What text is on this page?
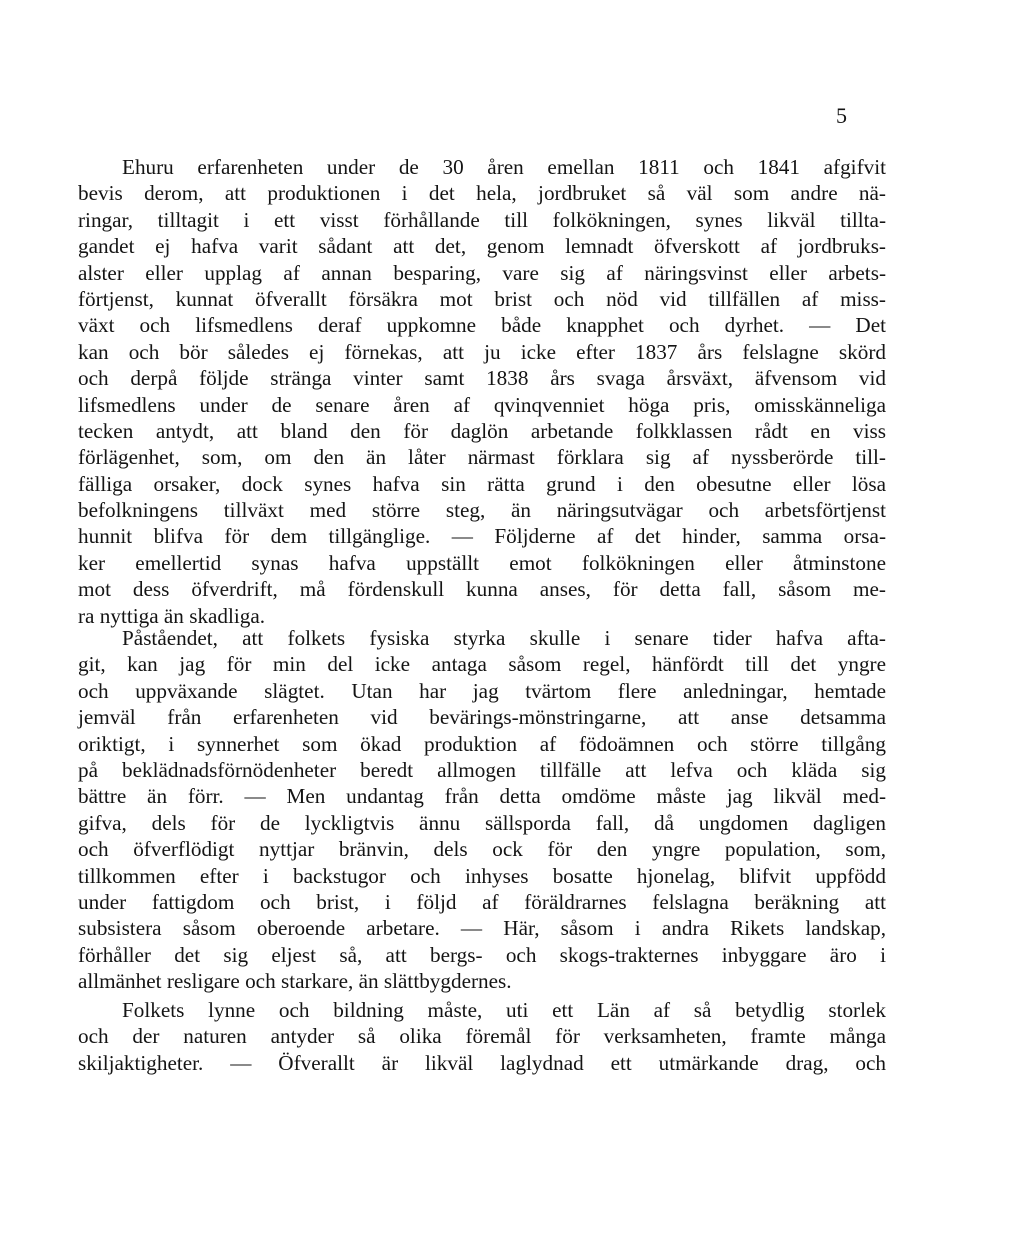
5
Ehuru erfarenheten under de 30 åren emellan 1811 och 1841 afgifvit
bevis derom, att produktionen i det hela, jordbruket så väl som andre nä-
ringar, tilltagit i ett visst förhållande till folkökningen, synes likväl tillta-
gandet ej hafva varit sådant att det, genom lemnadt öfverskott af jordbruks-
alster eller upplag af annan besparing, vare sig af näringsvinst eller arbets-
förtjenst, kunnat öfverallt försäkra mot brist och nöd vid tillfällen af miss-
växt och lifsmedlens deraf uppkomne både knapphet och dyrhet. — Det
kan och bör således ej förnekas, att ju icke efter 1837 års felslagne skörd
och derpå följde stränga vinter samt 1838 års svaga årsväxt, äfvensom vid
lifsmedlens under de senare åren af qvinqvenniet höga pris, omisskänneliga
tecken antydt, att bland den för daglön arbetande folkklassen rådt en viss
förlägenhet, som, om den än låter närmast förklara sig af nyssberörde till-
fälliga orsaker, dock synes hafva sin rätta grund i den obesutne eller lösa
befolkningens tillväxt med större steg, än näringsutvägar och arbetsförtjenst
hunnit blifva för dem tillgänglige. — Följderne af det hinder, samma orsa-
ker emellertid synas hafva uppställt emot folkökningen eller åtminstone
mot dess öfverdrift, må fördenskull kunna anses, för detta fall, såsom me-
ra nyttiga än skadliga.
Påståendet, att folkets fysiska styrka skulle i senare tider hafva afta-
git, kan jag för min del icke antaga såsom regel, hänfördt till det yngre
och uppväxande slägtet. Utan har jag tvärtom flere anledningar, hemtade
jemväl från erfarenheten vid bevärings-mönstringarne, att anse detsamma
oriktigt, i synnerhet som ökad produktion af födoämnen och större tillgång
på beklädnadsförnödenheter beredt allmogen tillfälle att lefva och kläda sig
bättre än förr. — Men undantag från detta omdöme måste jag likväl med-
gifva, dels för de lyckligtvis ännu sällsporda fall, då ungdomen dagligen
och öfverflödigt nyttjar bränvin, dels ock för den yngre population, som,
tillkommen efter i backstugor och inhyses bosatte hjonelag, blifvit uppfödd
under fattigdom och brist, i följd af föräldrarnes felslagna beräkning att
subsistera såsom oberoende arbetare. — Här, såsom i andra Rikets landskap,
förhåller det sig eljest så, att bergs- och skogs-trakternes inbyggare äro i
allmänhet resligare och starkare, än slättbygdernes.
Folkets lynne och bildning måste, uti ett Län af så betydlig storlek
och der naturen antyder så olika föremål för verksamheten, framte många
skiljaktigheter. — Öfverallt är likväl laglydnad ett utmärkande drag, och
